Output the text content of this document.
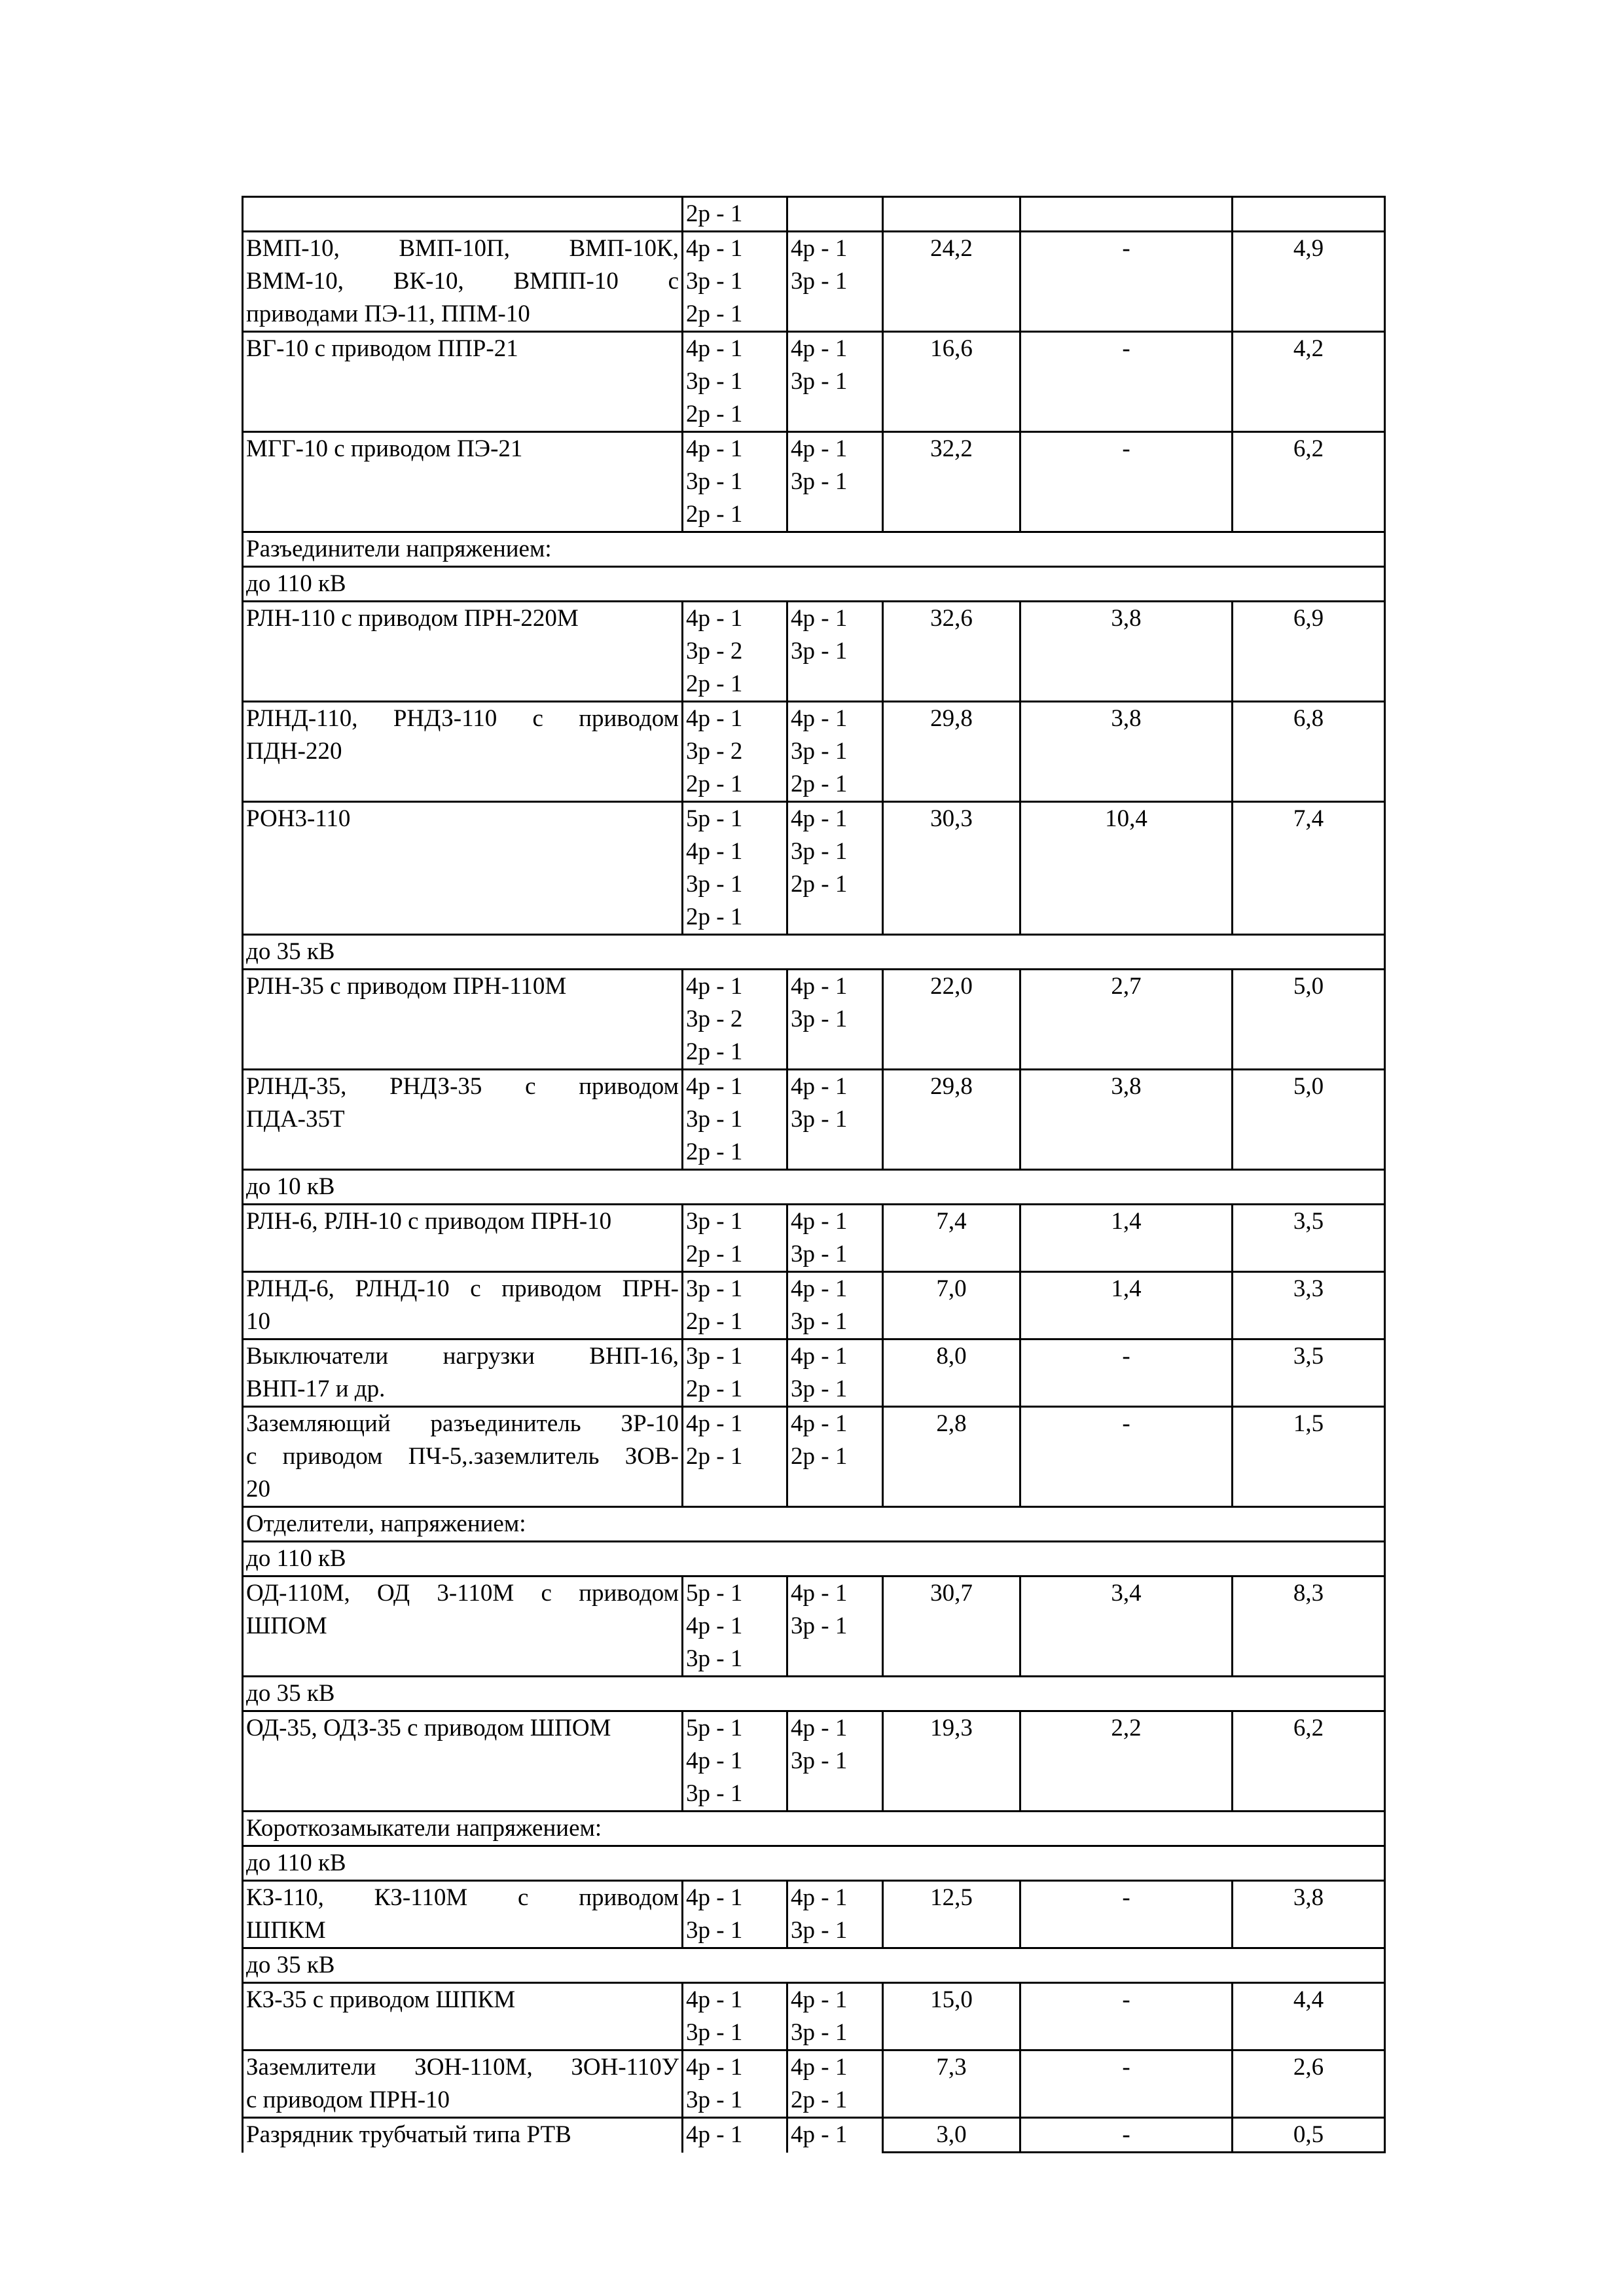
	2р - 1				

ВМП-10, ВМП-10П, ВМП-10К,
ВММ-10, ВК-10, ВМПП-10 с
приводами ПЭ-11, ППМ-10	4р - 1
3р - 1
2р - 1	4р - 1
3р - 1	24,2	-	4,9

ВГ-10 с приводом ППР-21	4р - 1
3р - 1
2р - 1	4р - 1
3р - 1	16,6	-	4,2

МГГ-10 с приводом ПЭ-21	4р - 1
3р - 1
2р - 1	4р - 1
3р - 1	32,2	-	6,2
Разъединители напряжением:					
до 110 кВ					

РЛН-110 с приводом ПРН-220М	4р - 1
3р - 2
2р - 1	4р - 1
3р - 1	32,6	3,8	6,9

РЛНД-110, РНДЗ-110 с приводом
ПДН-220	4р - 1
3р - 2
2р - 1	4р - 1
3р - 1
2р - 1	29,8	3,8	6,8

РОН3-110	5р - 1
4р - 1
3р - 1
2р - 1	4р - 1
3р - 1
2р - 1	30,3	10,4	7,4
до 35 кВ					

РЛН-35 с приводом ПРН-110М	4р - 1
3р - 2
2р - 1	4р - 1
3р - 1	22,0	2,7	5,0

РЛНД-35, РНДЗ-35 с приводом
ПДА-35Т	4р - 1
3р - 1
2р - 1	4р - 1
3р - 1	29,8	3,8	5,0
до 10 кВ					

РЛН-6, РЛН-10 с приводом ПРН-10	3р - 1
2р - 1	4р - 1
3р - 1	7,4	1,4	3,5

РЛНД-6, РЛНД-10 с приводом ПРН-
10	3р - 1
2р - 1	4р - 1
3р - 1	7,0	1,4	3,3

Выключатели нагрузки ВНП-16,
ВНП-17 и др.	3р - 1
2р - 1	4р - 1
3р - 1	8,0	-	3,5

Заземляющий разъединитель ЗР-10
с приводом ПЧ-5,.заземлитель ЗОВ-
20	4р - 1
2р - 1	4р - 1
2р - 1	2,8	-	1,5
Отделители, напряжением:					
до 110 кВ					

ОД-110М, ОД 3-110М с приводом
ШПОМ	5р - 1
4р - 1
3р - 1	4р - 1
3р - 1	30,7	3,4	8,3
до 35 кВ					

ОД-35, ОДЗ-35 с приводом ШПОМ	5р - 1
4р - 1
3р - 1	4р - 1
3р - 1	19,3	2,2	6,2
Короткозамыкатели напряжением:					
до 110 кВ					

КЗ-110, КЗ-110М с приводом
ШПКМ	4р - 1
3р - 1	4р - 1
3р - 1	12,5	-	3,8
до 35 кВ					

КЗ-35 с приводом ШПКМ	4р - 1
3р - 1	4р - 1
3р - 1	15,0	-	4,4

Заземлители ЗОН-110М, ЗОН-110У
с приводом ПРН-10	4р - 1
3р - 1	4р - 1
2р - 1	7,3	-	2,6

Разрядник трубчатый типа РТВ	4р - 1	4р - 1	3,0	-	0,5
